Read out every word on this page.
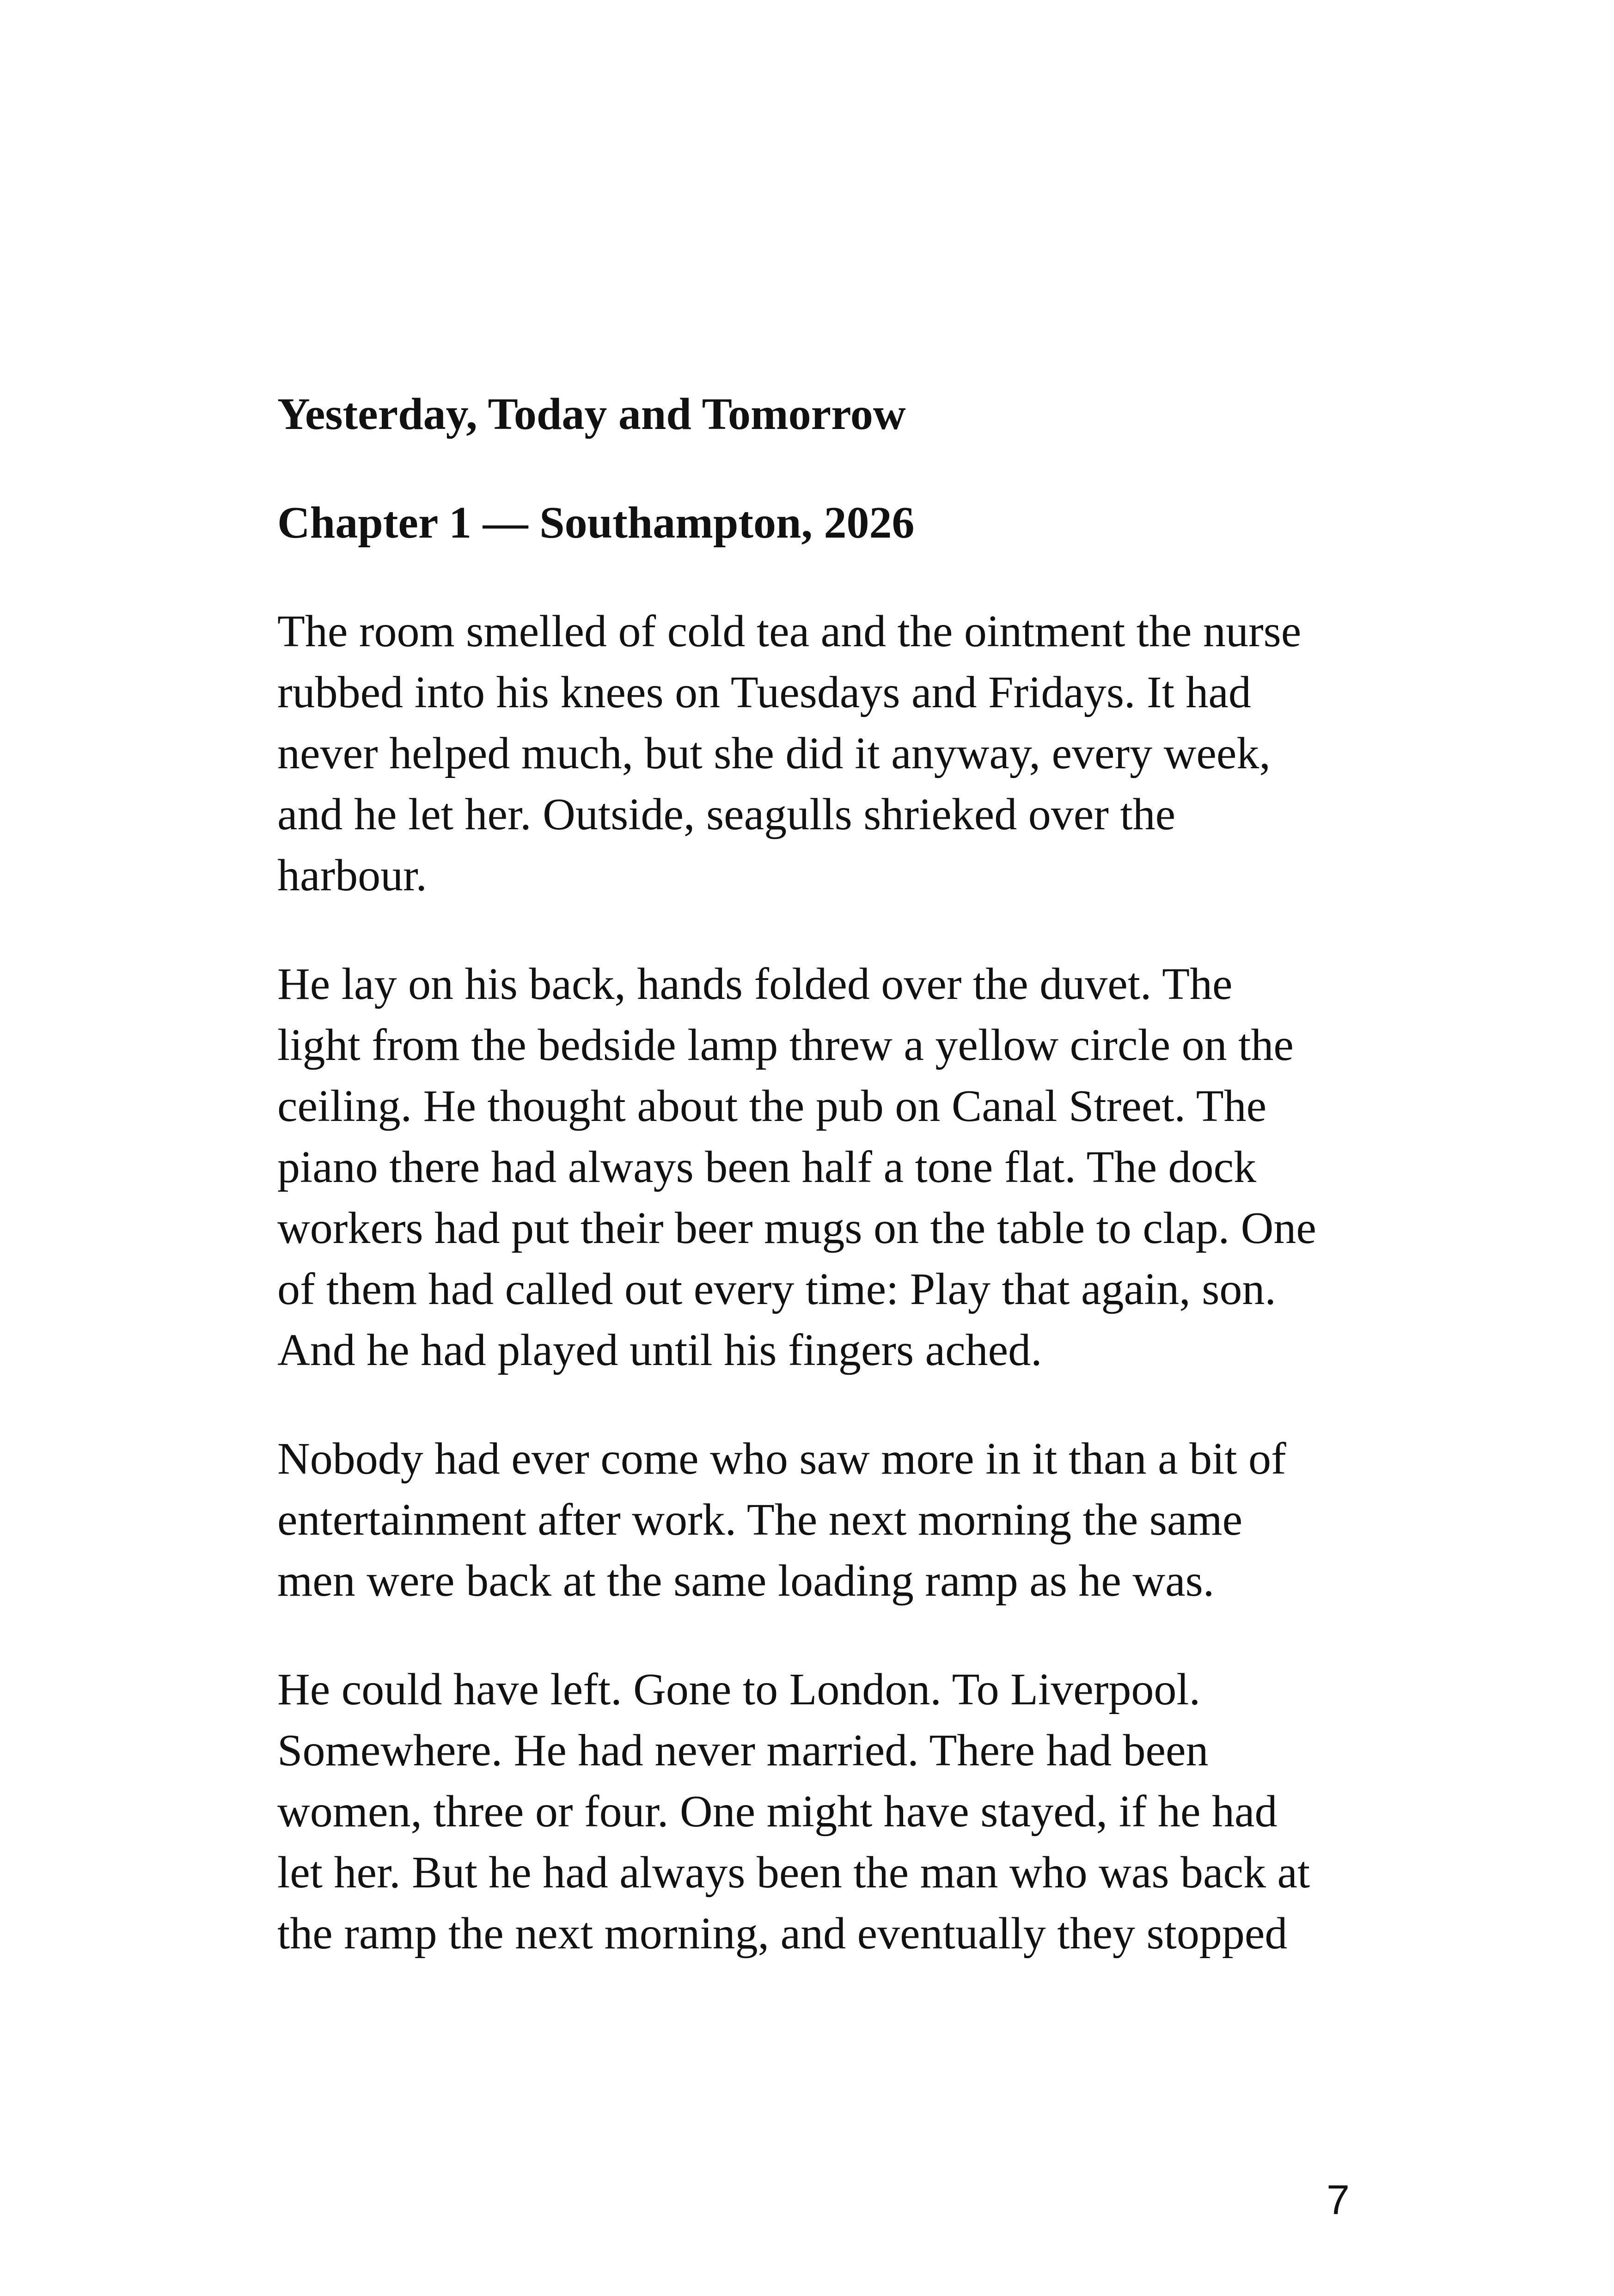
Yesterday, Today and Tomorrow
Chapter 1 — Southampton, 2026

The room smelled of cold tea and the ointment the nurse
rubbed into his knees on Tuesdays and Fridays. It had
never helped much, but she did it anyway, every week,
and he let her. Outside, seagulls shrieked over the
harbour.

He lay on his back, hands folded over the duvet. The
light from the bedside lamp threw a yellow circle on the
ceiling. He thought about the pub on Canal Street. The
piano there had always been half a tone flat. The dock
workers had put their beer mugs on the table to clap. One
of them had called out every time: Play that again, son.
And he had played until his fingers ached.

Nobody had ever come who saw more in it than a bit of
entertainment after work. The next morning the same
men were back at the same loading ramp as he was.

He could have left. Gone to London. To Liverpool.
Somewhere. He had never married. There had been
women, three or four. One might have stayed, if he had
let her. But he had always been the man who was back at
the ramp the next morning, and eventually they stopped

7
